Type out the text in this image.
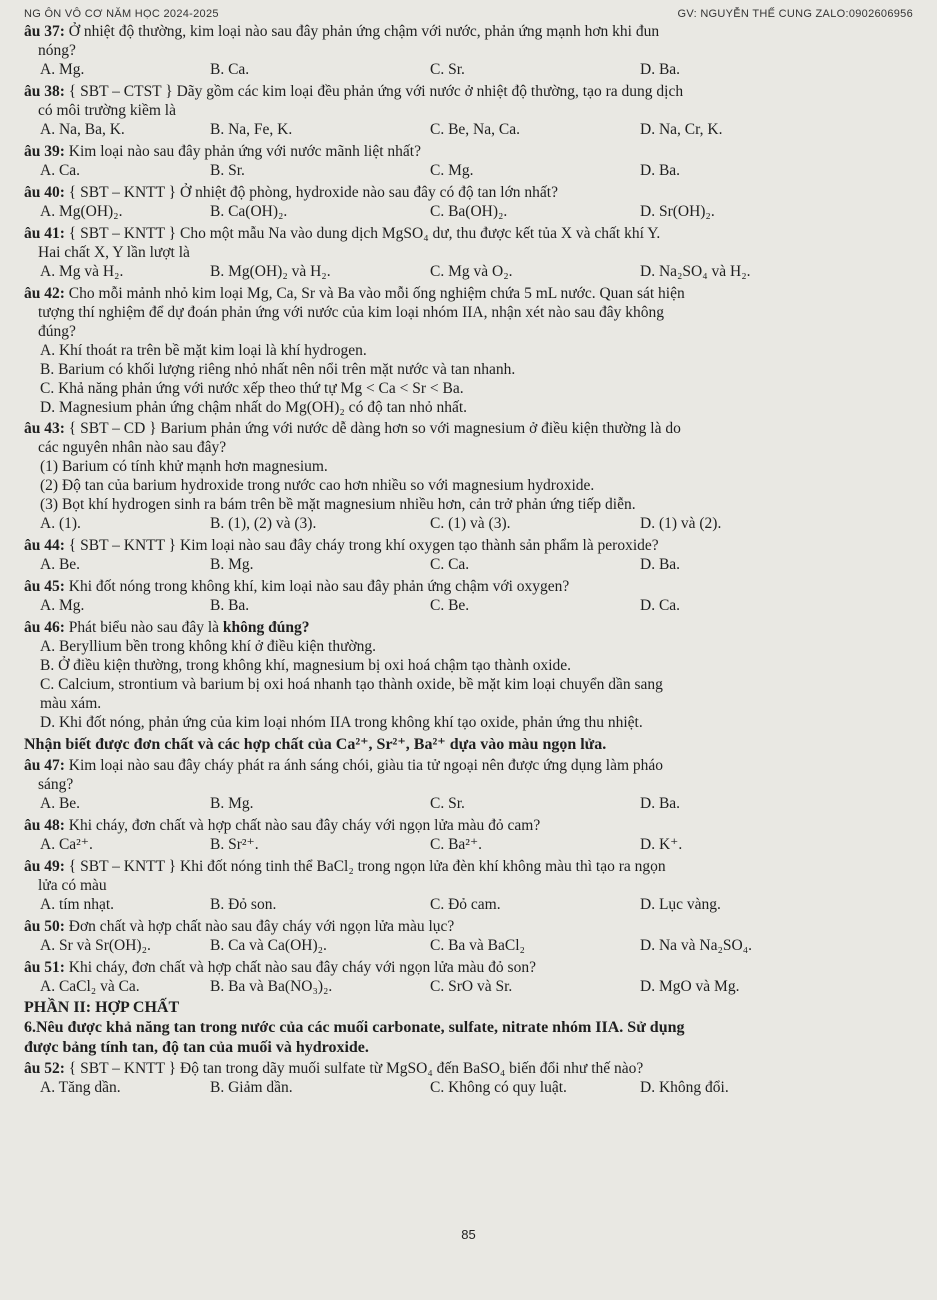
NG ÔN VÔ CƠ NĂM HỌC 2024-2025	GV: NGUYỄN THẾ CUNG ZALO:0902606956
âu 37: Ở nhiệt độ thường, kim loại nào sau đây phản ứng chậm với nước, phản ứng mạnh hơn khi đun
nóng?
A. Mg.	B. Ca.	C. Sr.	D. Ba.
âu 38: { SBT – CTST } Dãy gồm các kim loại đều phản ứng với nước ở nhiệt độ thường, tạo ra dung dịch
có môi trường kiềm là
A. Na, Ba, K.	B. Na, Fe, K.	C. Be, Na, Ca.	D. Na, Cr, K.
âu 39: Kim loại nào sau đây phản ứng với nước mãnh liệt nhất?
A. Ca.	B. Sr.	C. Mg.	D. Ba.
âu 40: { SBT – KNTT } Ở nhiệt độ phòng, hydroxide nào sau đây có độ tan lớn nhất?
A. Mg(OH)₂.	B. Ca(OH)₂.	C. Ba(OH)₂.	D. Sr(OH)₂.
âu 41: { SBT – KNTT } Cho một mẫu Na vào dung dịch MgSO₄ dư, thu được kết tủa X và chất khí Y.
Hai chất X, Y lần lượt là
A. Mg và H₂.	B. Mg(OH)₂ và H₂.	C. Mg và O₂.	D. Na₂SO₄ và H₂.
âu 42: Cho mỗi mảnh nhỏ kim loại Mg, Ca, Sr và Ba vào mỗi ống nghiệm chứa 5 mL nước. Quan sát hiện
tượng thí nghiệm để dự đoán phản ứng với nước của kim loại nhóm IIA, nhận xét nào sau đây không
đúng?
A. Khí thoát ra trên bề mặt kim loại là khí hydrogen.
B. Barium có khối lượng riêng nhỏ nhất nên nổi trên mặt nước và tan nhanh.
C. Khả năng phản ứng với nước xếp theo thứ tự Mg < Ca < Sr < Ba.
D. Magnesium phản ứng chậm nhất do Mg(OH)₂ có độ tan nhỏ nhất.
âu 43: { SBT – CD } Barium phản ứng với nước dễ dàng hơn so với magnesium ở điều kiện thường là do
các nguyên nhân nào sau đây?
(1) Barium có tính khử mạnh hơn magnesium.
(2) Độ tan của barium hydroxide trong nước cao hơn nhiều so với magnesium hydroxide.
(3) Bọt khí hydrogen sinh ra bám trên bề mặt magnesium nhiều hơn, cản trở phản ứng tiếp diễn.
A. (1).	B. (1), (2) và (3).	C. (1) và (3).	D. (1) và (2).
âu 44: { SBT – KNTT } Kim loại nào sau đây cháy trong khí oxygen tạo thành sản phẩm là peroxide?
A. Be.	B. Mg.	C. Ca.	D. Ba.
âu 45: Khi đốt nóng trong không khí, kim loại nào sau đây phản ứng chậm với oxygen?
A. Mg.	B. Ba.	C. Be.	D. Ca.
âu 46: Phát biểu nào sau đây là không đúng?
A. Beryllium bền trong không khí ở điều kiện thường.
B. Ở điều kiện thường, trong không khí, magnesium bị oxi hoá chậm tạo thành oxide.
C. Calcium, strontium và barium bị oxi hoá nhanh tạo thành oxide, bề mặt kim loại chuyển dần sang
màu xám.
D. Khi đốt nóng, phản ứng của kim loại nhóm IIA trong không khí tạo oxide, phản ứng thu nhiệt.
Nhận biết được đơn chất và các hợp chất của Ca²⁺, Sr²⁺, Ba²⁺ dựa vào màu ngọn lửa.
âu 47: Kim loại nào sau đây cháy phát ra ánh sáng chói, giàu tia tử ngoại nên được ứng dụng làm pháo
sáng?
A. Be.	B. Mg.	C. Sr.	D. Ba.
âu 48: Khi cháy, đơn chất và hợp chất nào sau đây cháy với ngọn lửa màu đỏ cam?
A. Ca²⁺.	B. Sr²⁺.	C. Ba²⁺.	D. K⁺.
âu 49: { SBT – KNTT } Khi đốt nóng tinh thể BaCl₂ trong ngọn lửa đèn khí không màu thì tạo ra ngọn
lửa có màu
A. tím nhạt.	B. Đỏ son.	C. Đỏ cam.	D. Lục vàng.
âu 50: Đơn chất và hợp chất nào sau đây cháy với ngọn lửa màu lục?
A. Sr và Sr(OH)₂.	B. Ca và Ca(OH)₂.	C. Ba và BaCl₂	D. Na và Na₂SO₄.
âu 51: Khi cháy, đơn chất và hợp chất nào sau đây cháy với ngọn lửa màu đỏ son?
A. CaCl₂ và Ca.	B. Ba và Ba(NO₃)₂.	C. SrO và Sr.	D. MgO và Mg.
PHẦN II: HỢP CHẤT
6.Nêu được khả năng tan trong nước của các muối carbonate, sulfate, nitrate nhóm IIA. Sử dụng
được bảng tính tan, độ tan của muối và hydroxide.
âu 52: { SBT – KNTT } Độ tan trong dãy muối sulfate từ MgSO₄ đến BaSO₄ biến đổi như thế nào?
A. Tăng dần.	B. Giảm dần.	C. Không có quy luật.	D. Không đổi.
85
